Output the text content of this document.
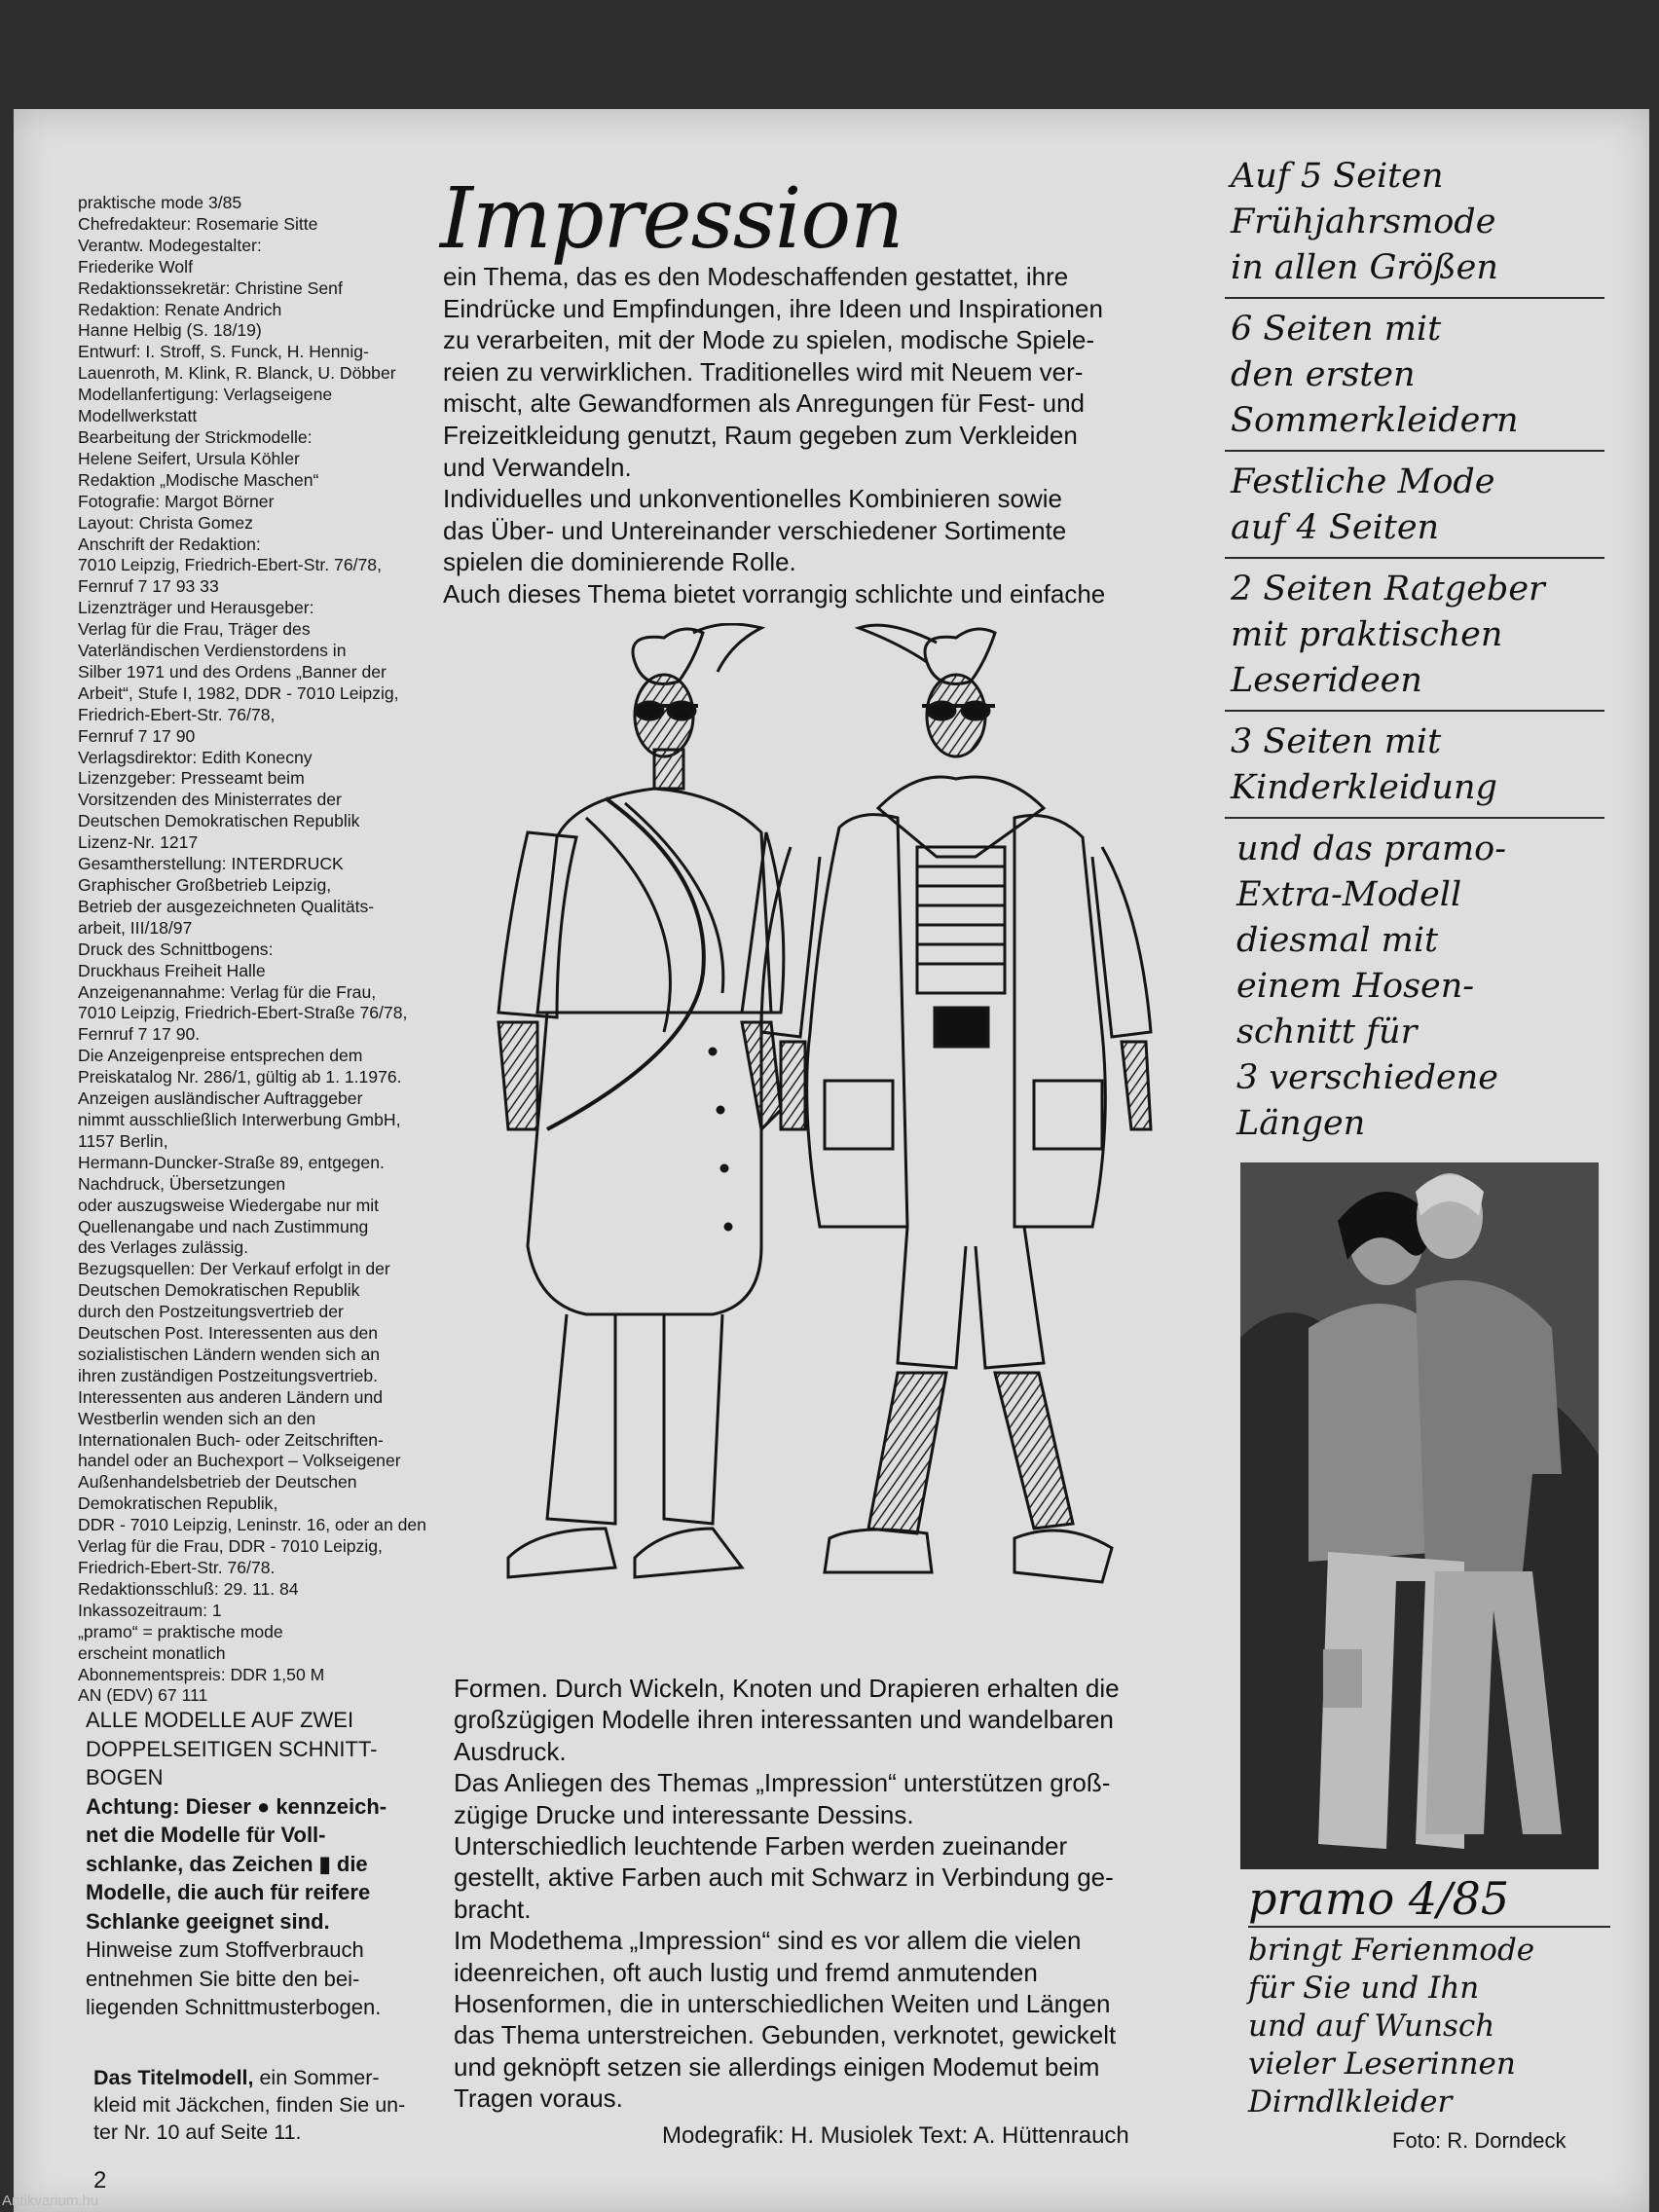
praktische mode 3/85
Chefredakteur: Rosemarie Sitte
Verantw. Modegestalter:
Friederike Wolf
Redaktionssekretär: Christine Senf
Redaktion: Renate Andrich
Hanne Helbig (S. 18/19)
Entwurf: I. Stroff, S. Funck, H. Hennig-
Lauenroth, M. Klink, R. Blanck, U. Döbber
Modellanfertigung: Verlagseigene
Modellwerkstatt
Bearbeitung der Strickmodelle:
Helene Seifert, Ursula Köhler
Redaktion „Modische Maschen“
Fotografie: Margot Börner
Layout: Christa Gomez
Anschrift der Redaktion:
7010 Leipzig, Friedrich-Ebert-Str. 76/78,
Fernruf 7 17 93 33
Lizenzträger und Herausgeber:
Verlag für die Frau, Träger des
Vaterländischen Verdienstordens in
Silber 1971 und des Ordens „Banner der
Arbeit“, Stufe I, 1982, DDR - 7010 Leipzig,
Friedrich-Ebert-Str. 76/78,
Fernruf 7 17 90
Verlagsdirektor: Edith Konecny
Lizenzgeber: Presseamt beim
Vorsitzenden des Ministerrates der
Deutschen Demokratischen Republik
Lizenz-Nr. 1217
Gesamtherstellung: INTERDRUCK
Graphischer Großbetrieb Leipzig,
Betrieb der ausgezeichneten Qualitäts-
arbeit, III/18/97
Druck des Schnittbogens:
Druckhaus Freiheit Halle
Anzeigenannahme: Verlag für die Frau,
7010 Leipzig, Friedrich-Ebert-Straße 76/78,
Fernruf 7 17 90.
Die Anzeigenpreise entsprechen dem
Preiskatalog Nr. 286/1, gültig ab 1. 1.1976.
Anzeigen ausländischer Auftraggeber
nimmt ausschließlich Interwerbung GmbH,
1157 Berlin,
Hermann-Duncker-Straße 89, entgegen.
Nachdruck, Übersetzungen
oder auszugsweise Wiedergabe nur mit
Quellenangabe und nach Zustimmung
des Verlages zulässig.
Bezugsquellen: Der Verkauf erfolgt in der
Deutschen Demokratischen Republik
durch den Postzeitungsvertrieb der
Deutschen Post. Interessenten aus den
sozialistischen Ländern wenden sich an
ihren zuständigen Postzeitungsvertrieb.
Interessenten aus anderen Ländern und
Westberlin wenden sich an den
Internationalen Buch- oder Zeitschriften-
handel oder an Buchexport – Volkseigener
Außenhandelsbetrieb der Deutschen
Demokratischen Republik,
DDR - 7010 Leipzig, Leninstr. 16, oder an den
Verlag für die Frau, DDR - 7010 Leipzig,
Friedrich-Ebert-Str. 76/78.
Redaktionsschluß: 29. 11. 84
Inkassozeitraum: 1
„pramo“ = praktische mode
erscheint monatlich
Abonnementspreis: DDR 1,50 M
AN (EDV) 67 111
ALLE MODELLE AUF ZWEI
DOPPELSEITIGEN SCHNITT-
BOGEN
Achtung: Dieser ● kennzeich-
net die Modelle für Voll-
schlanke, das Zeichen ▮ die
Modelle, die auch für reifere
Schlanke geeignet sind.
Hinweise zum Stoffverbrauch
entnehmen Sie bitte den bei-
liegenden Schnittmusterbogen.
Das Titelmodell, ein Sommer-
kleid mit Jäckchen, finden Sie un-
ter Nr. 10 auf Seite 11.
2
Antikvarium.hu
Impression
ein Thema, das es den Modeschaffenden gestattet, ihre
Eindrücke und Empfindungen, ihre Ideen und Inspirationen
zu verarbeiten, mit der Mode zu spielen, modische Spiele-
reien zu verwirklichen. Traditionelles wird mit Neuem ver-
mischt, alte Gewandformen als Anregungen für Fest- und
Freizeitkleidung genutzt, Raum gegeben zum Verkleiden
und Verwandeln.
Individuelles und unkonventionelles Kombinieren sowie
das Über- und Untereinander verschiedener Sortimente
spielen die dominierende Rolle.
Auch dieses Thema bietet vorrangig schlichte und einfache
Formen. Durch Wickeln, Knoten und Drapieren erhalten die
großzügigen Modelle ihren interessanten und wandelbaren
Ausdruck.
Das Anliegen des Themas „Impression“ unterstützen groß-
zügige Drucke und interessante Dessins.
Unterschiedlich leuchtende Farben werden zueinander
gestellt, aktive Farben auch mit Schwarz in Verbindung ge-
bracht.
Im Modethema „Impression“ sind es vor allem die vielen
ideenreichen, oft auch lustig und fremd anmutenden
Hosenformen, die in unterschiedlichen Weiten und Längen
das Thema unterstreichen. Gebunden, verknotet, gewickelt
und geknöpft setzen sie allerdings einigen Modemut beim
Tragen voraus.
Modegrafik: H. Musiolek Text: A. Hüttenrauch
Auf 5 Seiten
Frühjahrsmode
in allen Größen
6 Seiten mit
den ersten
Sommerkleidern
Festliche Mode
auf 4 Seiten
2 Seiten Ratgeber
mit praktischen
Leserideen
3 Seiten mit
Kinderkleidung
und das pramo-
Extra-Modell
diesmal mit
einem Hosen-
schnitt für
3 verschiedene
Längen
pramo 4/85
bringt Ferienmode
für Sie und Ihn
und auf Wunsch
vieler Leserinnen
Dirndlkleider
Foto: R. Dorndeck
